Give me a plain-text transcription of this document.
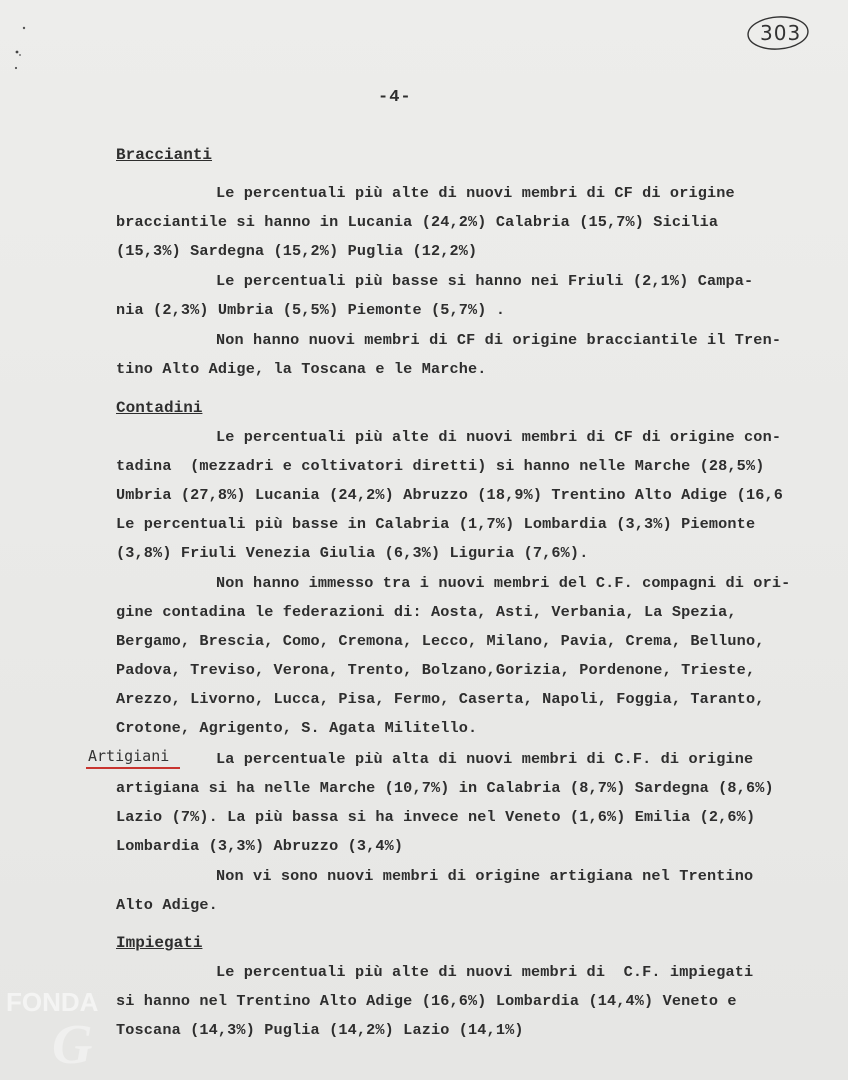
303
-4-
Braccianti
Le percentuali più alte di nuovi membri di CF di origine
bracciantile si hanno in Lucania (24,2%) Calabria (15,7%) Sicilia
(15,3%) Sardegna (15,2%) Puglia (12,2%)
Le percentuali più basse si hanno nei Friuli (2,1%) Campa-
nia (2,3%) Umbria (5,5%) Piemonte (5,7%) .
Non hanno nuovi membri di CF di origine bracciantile il Tren-
tino Alto Adige, la Toscana e le Marche.
Contadini
Le percentuali più alte di nuovi membri di CF di origine con-
tadina  (mezzadri e coltivatori diretti) si hanno nelle Marche (28,5%)
Umbria (27,8%) Lucania (24,2%) Abruzzo (18,9%) Trentino Alto Adige (16,6
Le percentuali più basse in Calabria (1,7%) Lombardia (3,3%) Piemonte
(3,8%) Friuli Venezia Giulia (6,3%) Liguria (7,6%).
Non hanno immesso tra i nuovi membri del C.F. compagni di ori-
gine contadina le federazioni di: Aosta, Asti, Verbania, La Spezia,
Bergamo, Brescia, Como, Cremona, Lecco, Milano, Pavia, Crema, Belluno,
Padova, Treviso, Verona, Trento, Bolzano,Gorizia, Pordenone, Trieste,
Arezzo, Livorno, Lucca, Pisa, Fermo, Caserta, Napoli, Foggia, Taranto,
Crotone, Agrigento, S. Agata Militello.
Artigiani	La percentuale più alta di nuovi membri di C.F. di origine
artigiana si ha nelle Marche (10,7%) in Calabria (8,7%) Sardegna (8,6%)
Lazio (7%). La più bassa si ha invece nel Veneto (1,6%) Emilia (2,6%)
Lombardia (3,3%) Abruzzo (3,4%)
Non vi sono nuovi membri di origine artigiana nel Trentino
Alto Adige.
Impiegati
Le percentuali più alte di nuovi membri di  C.F. impiegati
si hanno nel Trentino Alto Adige (16,6%) Lombardia (14,4%) Veneto e
Toscana (14,3%) Puglia (14,2%) Lazio (14,1%)
FONDA
G
